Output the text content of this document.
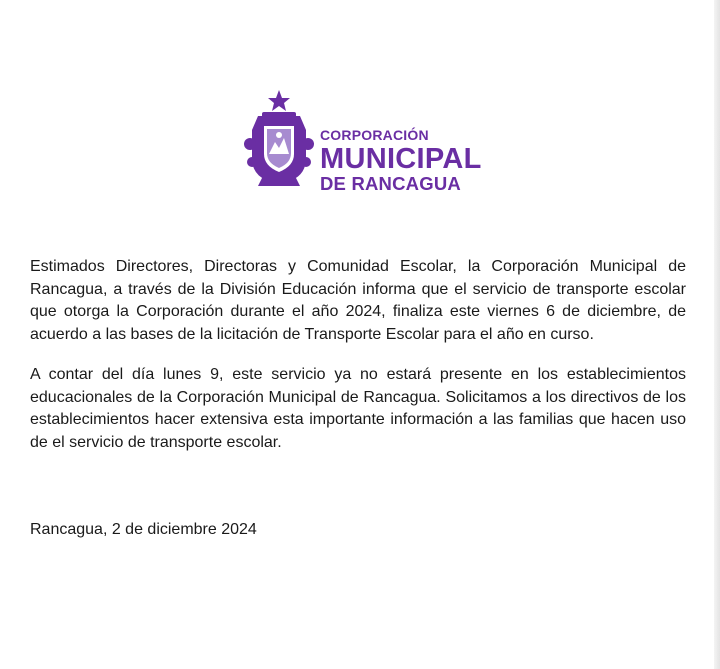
CORPORACIÓN
MUNICIPAL
DE RANCAGUA
Estimados Directores, Directoras y Comunidad Escolar, la Corporación Municipal de Rancagua, a través de la División Educación informa que el servicio de transporte escolar que otorga la Corporación durante el año 2024, finaliza este viernes 6 de diciembre, de acuerdo a las bases de la licitación de Transporte Escolar para el año en curso.
A contar del día lunes 9, este servicio ya no estará presente en los establecimientos educacionales de la Corporación Municipal de Rancagua. Solicitamos a los directivos de los establecimientos hacer extensiva esta importante información a las familias que hacen uso de el servicio de transporte escolar.
Rancagua, 2 de diciembre 2024
